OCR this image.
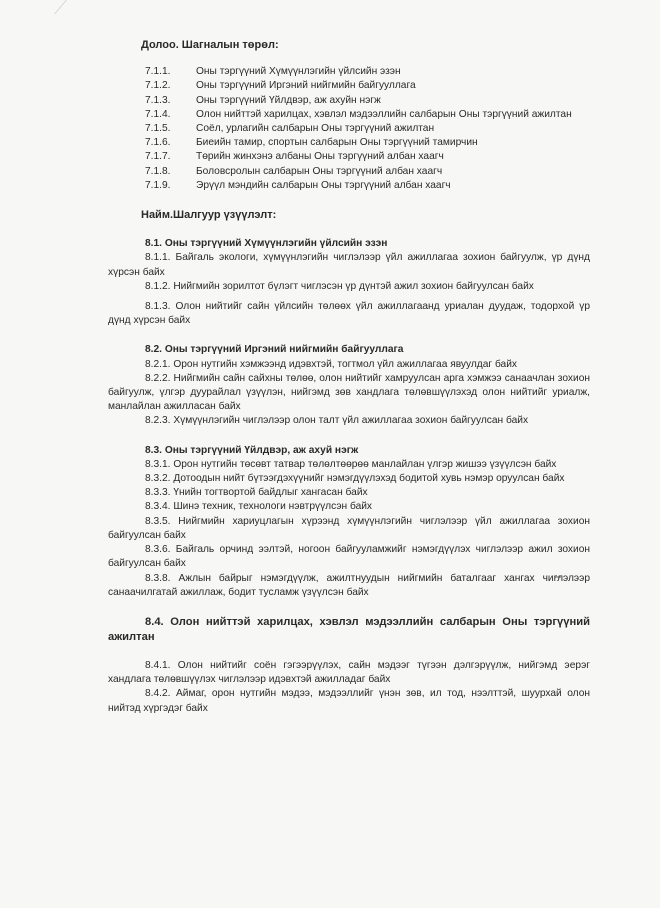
Долоо. Шагналын төрөл:
7.1.1.	Оны тэргүүний Хүмүүнлэгийн үйлсийн эзэн
7.1.2.	Оны тэргүүний Иргэний нийгмийн байгууллага
7.1.3.	Оны тэргүүний Үйлдвэр, аж ахуйн нэгж
7.1.4.	Олон нийттэй харилцах, хэвлэл мэдээллийн салбарын Оны тэргүүний ажилтан
7.1.5.	Соёл, урлагийн салбарын Оны тэргүүний ажилтан
7.1.6.	Биеийн тамир, спортын салбарын Оны тэргүүний тамирчин
7.1.7.	Төрийн жинхэнэ албаны Оны тэргүүний албан хаагч
7.1.8.	Боловсролын салбарын Оны тэргүүний албан хаагч
7.1.9.	Эрүүл мэндийн салбарын Оны тэргүүний албан хаагч
Найм.Шалгуур үзүүлэлт:
8.1. Оны тэргүүний Хүмүүнлэгийн үйлсийн эзэн
8.1.1. Байгаль экологи, хүмүүнлэгийн чиглэлээр үйл ажиллагаа зохион байгуулж, үр дүнд хүрсэн байх
8.1.2. Нийгмийн зорилтот бүлэгт чиглэсэн үр дүнтэй ажил зохион байгуулсан байх
8.1.3. Олон нийтийг сайн үйлсийн төлөөх үйл ажиллагаанд уриалан дуудаж, тодорхой үр дүнд хүрсэн байх
8.2. Оны тэргүүний Иргэний нийгмийн байгууллага
8.2.1. Орон нутгийн хэмжээнд идэвхтэй, тогтмол үйл ажиллагаа явуулдаг байх
8.2.2. Нийгмийн сайн сайхны төлөө, олон нийтийг хамруулсан арга хэмжээ санаачлан зохион байгуулж, үлгэр дуурайлал үзүүлэн, нийгэмд зөв хандлага төлөвшүүлэхэд олон нийтийг уриалж, манлайлан ажилласан байх
8.2.3. Хүмүүнлэгийн чиглэлээр олон талт үйл ажиллагаа зохион байгуулсан байх
8.3. Оны тэргүүний Үйлдвэр, аж ахуй нэгж
8.3.1. Орон нутгийн төсөвт татвар төлөлтөөрөө манлайлан үлгэр жишээ үзүүлсэн байх
8.3.2. Дотоодын нийт бүтээгдэхүүнийг нэмэгдүүлэхэд бодитой хувь нэмэр оруулсан байх
8.3.3. Үнийн тогтвортой байдлыг хангасан байх
8.3.4. Шинэ техник, технологи нэвтрүүлсэн байх
8.3.5. Нийгмийн хариуцлагын хүрээнд хүмүүнлэгийн чиглэлээр үйл ажиллагаа зохион байгуулсан байх
8.3.6. Байгаль орчинд ээлтэй, ногоон байгууламжийг нэмэгдүүлэх чиглэлээр ажил зохион байгуулсан байх
8.3.8. Ажлын байрыг нэмэгдүүлж, ажилтнуудын нийгмийн баталгааг хангах чиглэлээр санаачилгатай ажиллаж, бодит тусламж үзүүлсэн байх
8.4. Олон нийттэй харилцах, хэвлэл мэдээллийн салбарын Оны тэргүүний ажилтан
8.4.1. Олон нийтийг соён гэгээрүүлэх, сайн мэдээг түгээн дэлгэрүүлж, нийгэмд эерэг хандлага төлөвшүүлэх чиглэлээр идэвхтэй ажилладаг байх
8.4.2. Аймаг, орон нутгийн мэдээ, мэдээллийг үнэн зөв, ил тод, нээлттэй, шуурхай олон нийтэд хүргэдэг байх
